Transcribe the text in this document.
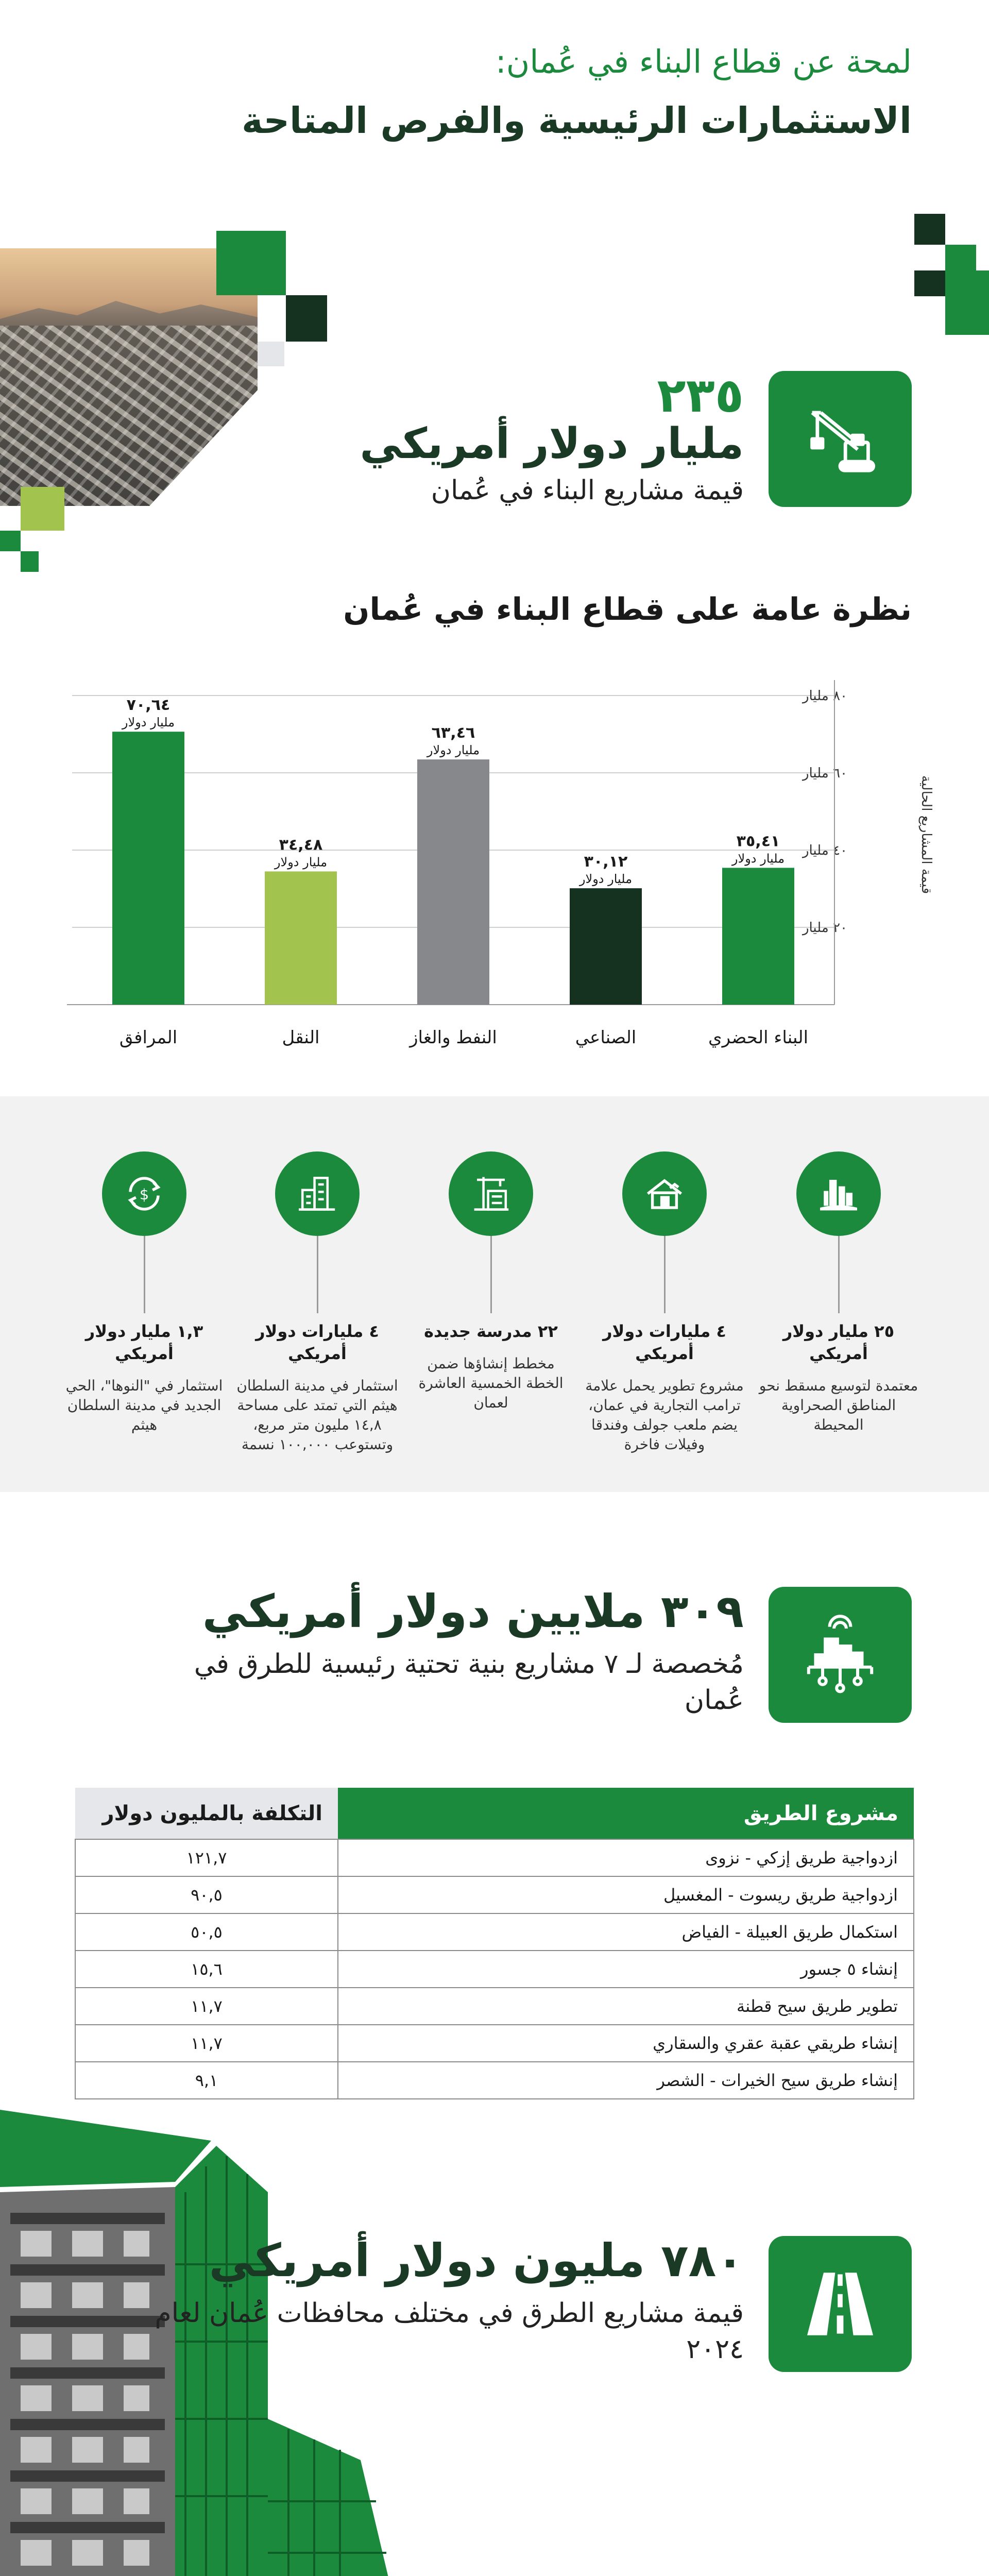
لمحة عن قطاع البناء في عُمان:
الاستثمارات الرئيسية والفرص المتاحة
٢٣٥
مليار دولار أمريكي
قيمة مشاريع البناء في عُمان
نظرة عامة على قطاع البناء في عُمان
٢٠ مليار
٤٠ مليار
٦٠ مليار
٨٠ مليار
٧٠,٦٤
مليار دولار
المرافق
٣٤,٤٨
مليار دولار
النقل
٦٣,٤٦
مليار دولار
النفط والغاز
٣٠,١٢
مليار دولار
الصناعي
٣٥,٤١
مليار دولار
البناء الحضري
قيمة المشاريع الحالية
٢٥ مليار دولار أمريكي
معتمدة لتوسيع مسقط نحو المناطق الصحراوية المحيطة
٤ مليارات دولار أمريكي
مشروع تطوير يحمل علامة ترامب التجارية في عمان، يضم ملعب جولف وفندقا وفيلات فاخرة
٢٢ مدرسة جديدة
مخطط إنشاؤها ضمن الخطة الخمسية العاشرة لعمان
٤ مليارات دولار أمريكي
استثمار في مدينة السلطان هيثم التي تمتد على مساحة ١٤,٨ مليون متر مربع، وتستوعب ١٠٠,٠٠٠ نسمة
$
١,٣ مليار دولار أمريكي
استثمار في "النوها"، الحي الجديد في مدينة السلطان هيثم
٣٠٩ ملايين دولار أمريكي
مُخصصة لـ ٧ مشاريع بنية تحتية رئيسية للطرق في عُمان
مشروع الطريق	التكلفة بالمليون دولار
ازدواجية طريق إزكي - نزوى	١٢١,٧
ازدواجية طريق ريسوت - المغسيل	٩٠,٥
استكمال طريق العبيلة - الفياض	٥٠,٥
إنشاء ٥ جسور	١٥,٦
تطوير طريق سيح قطنة	١١,٧
إنشاء طريقي عقبة عقري والسقاري	١١,٧
إنشاء طريق سيح الخيرات - الشصر	٩,١
٧٨٠ مليون دولار أمريكي
قيمة مشاريع الطرق في مختلف محافظات عُمان لعام ٢٠٢٤
